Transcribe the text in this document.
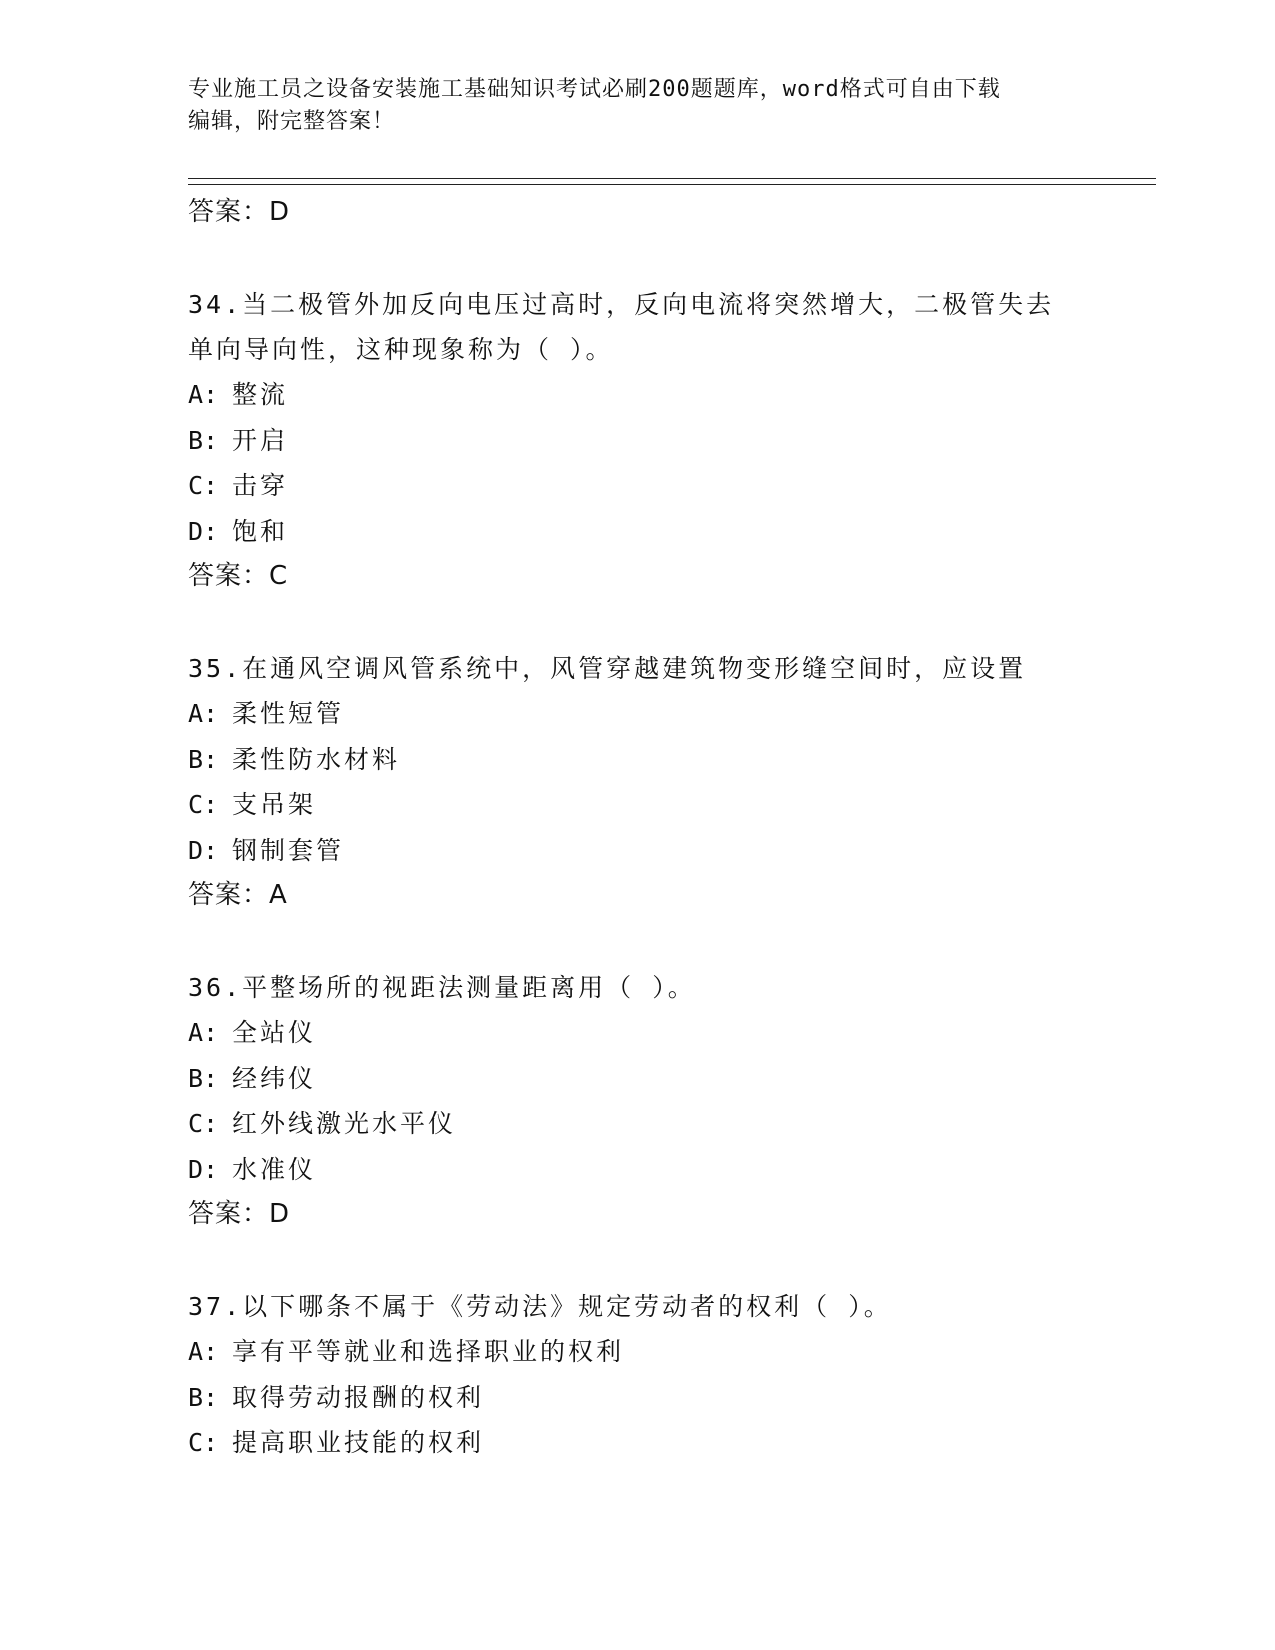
专业施工员之设备安装施工基础知识考试必刷200题题库，word格式可自由下载
编辑，附完整答案！
答案：D
34.当二极管外加反向电压过高时，反向电流将突然增大，二极管失去
单向导向性，这种现象称为（ ）。
A: 整流
B: 开启
C: 击穿
D: 饱和
答案：C
35.在通风空调风管系统中，风管穿越建筑物变形缝空间时，应设置
A: 柔性短管
B: 柔性防水材料
C: 支吊架
D: 钢制套管
答案：A
36.平整场所的视距法测量距离用（ ）。
A: 全站仪
B: 经纬仪
C: 红外线激光水平仪
D: 水准仪
答案：D
37.以下哪条不属于《劳动法》规定劳动者的权利（ ）。
A: 享有平等就业和选择职业的权利
B: 取得劳动报酬的权利
C: 提高职业技能的权利
